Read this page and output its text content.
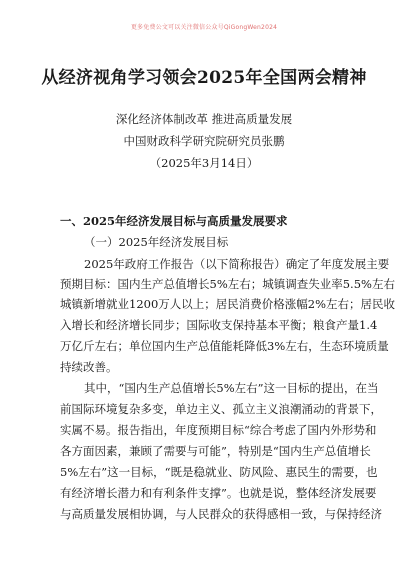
更多免费公文可以关注微信公众号QiGongWen2024
从经济视角学习领会2025年全国两会精神
深化经济体制改革 推进高质量发展
中国财政科学研究院研究员张鹏
（2025年3月14日）
一、2025年经济发展目标与高质量发展要求
（一）2025年经济发展目标
2025年政府工作报告（以下简称报告）确定了年度发展主要
预期目标：国内生产总值增长5%左右；城镇调查失业率5.5%左右
城镇新增就业1200万人以上；居民消费价格涨幅2%左右；居民收
入增长和经济增长同步；国际收支保持基本平衡；粮食产量1.4
万亿斤左右；单位国内生产总值能耗降低3%左右，生态环境质量
持续改善。
其中，“国内生产总值增长5%左右”这一目标的提出，在当
前国际环境复杂多变，单边主义、孤立主义浪潮涌动的背景下，
实属不易。报告指出，年度预期目标“综合考虑了国内外形势和
各方面因素，兼顾了需要与可能”，特别是“国内生产总值增长
5%左右”这一目标，“既是稳就业、防风险、惠民生的需要，也
有经济增长潜力和有利条件支撑”。也就是说，整体经济发展要
与高质量发展相协调，与人民群众的获得感相一致，与保持经济
